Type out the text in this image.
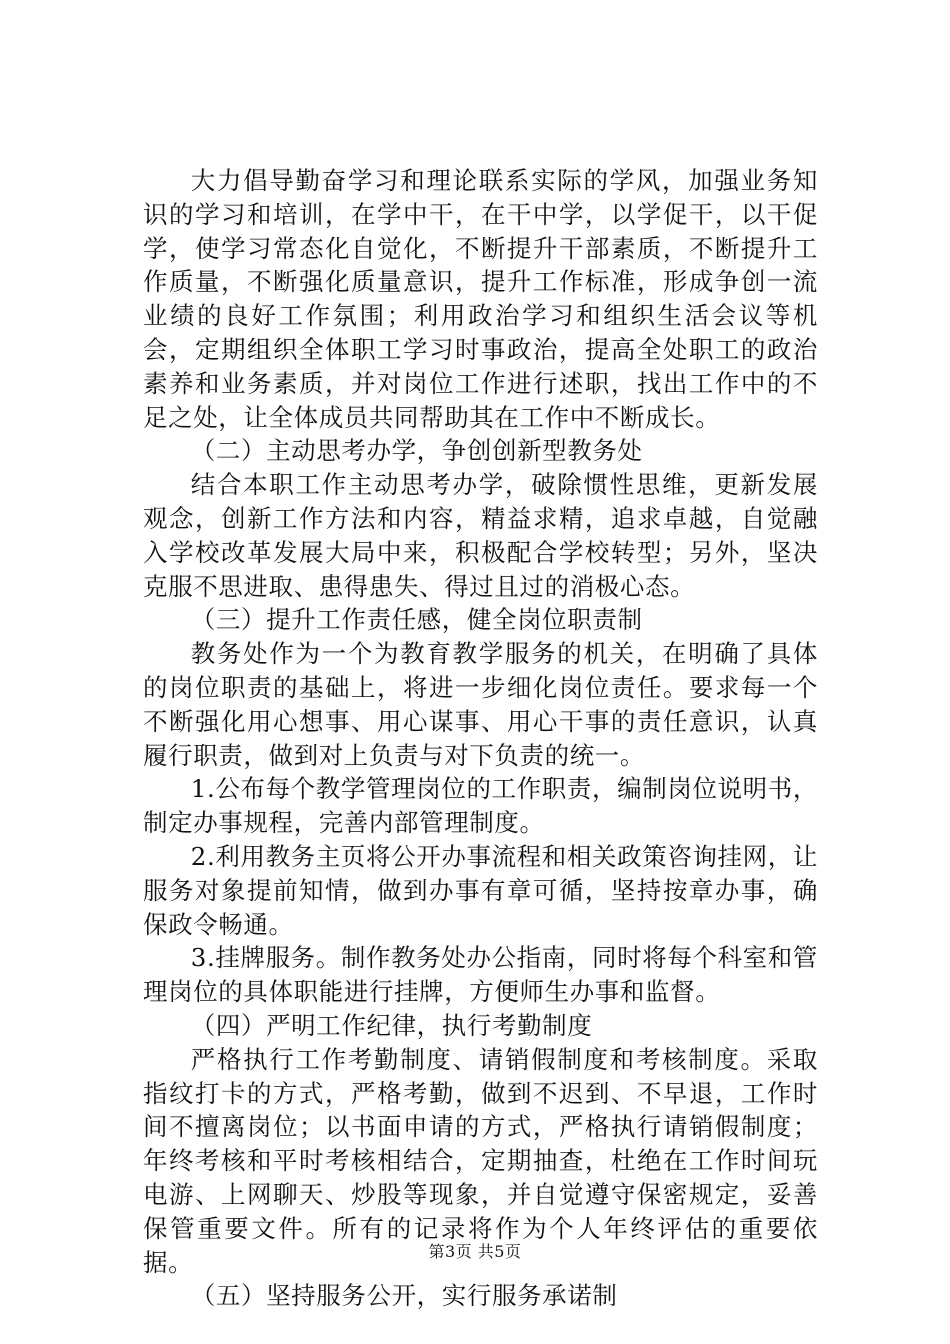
大力倡导勤奋学习和理论联系实际的学风，加强业务知识的学习和培训，在学中干，在干中学，以学促干，以干促学，使学习常态化自觉化，不断提升干部素质，不断提升工作质量，不断强化质量意识，提升工作标准，形成争创一流业绩的良好工作氛围；利用政治学习和组织生活会议等机会，定期组织全体职工学习时事政治，提高全处职工的政治素养和业务素质，并对岗位工作进行述职，找出工作中的不足之处，让全体成员共同帮助其在工作中不断成长。

（二）主动思考办学，争创创新型教务处

结合本职工作主动思考办学，破除惯性思维，更新发展观念，创新工作方法和内容，精益求精，追求卓越，自觉融入学校改革发展大局中来，积极配合学校转型；另外，坚决克服不思进取、患得患失、得过且过的消极心态。

（三）提升工作责任感，健全岗位职责制

教务处作为一个为教育教学服务的机关，在明确了具体的岗位职责的基础上，将进一步细化岗位责任。要求每一个不断强化用心想事、用心谋事、用心干事的责任意识，认真履行职责，做到对上负责与对下负责的统一。

1.公布每个教学管理岗位的工作职责，编制岗位说明书，制定办事规程，完善内部管理制度。

2.利用教务主页将公开办事流程和相关政策咨询挂网，让服务对象提前知情，做到办事有章可循，坚持按章办事，确保政令畅通。

3.挂牌服务。制作教务处办公指南，同时将每个科室和管理岗位的具体职能进行挂牌，方便师生办事和监督。

（四）严明工作纪律，执行考勤制度

严格执行工作考勤制度、请销假制度和考核制度。采取指纹打卡的方式，严格考勤，做到不迟到、不早退，工作时间不擅离岗位；以书面申请的方式，严格执行请销假制度；年终考核和平时考核相结合，定期抽查，杜绝在工作时间玩电游、上网聊天、炒股等现象，并自觉遵守保密规定，妥善保管重要文件。所有的记录将作为个人年终评估的重要依据。

（五）坚持服务公开，实行服务承诺制

第3页 共5页
